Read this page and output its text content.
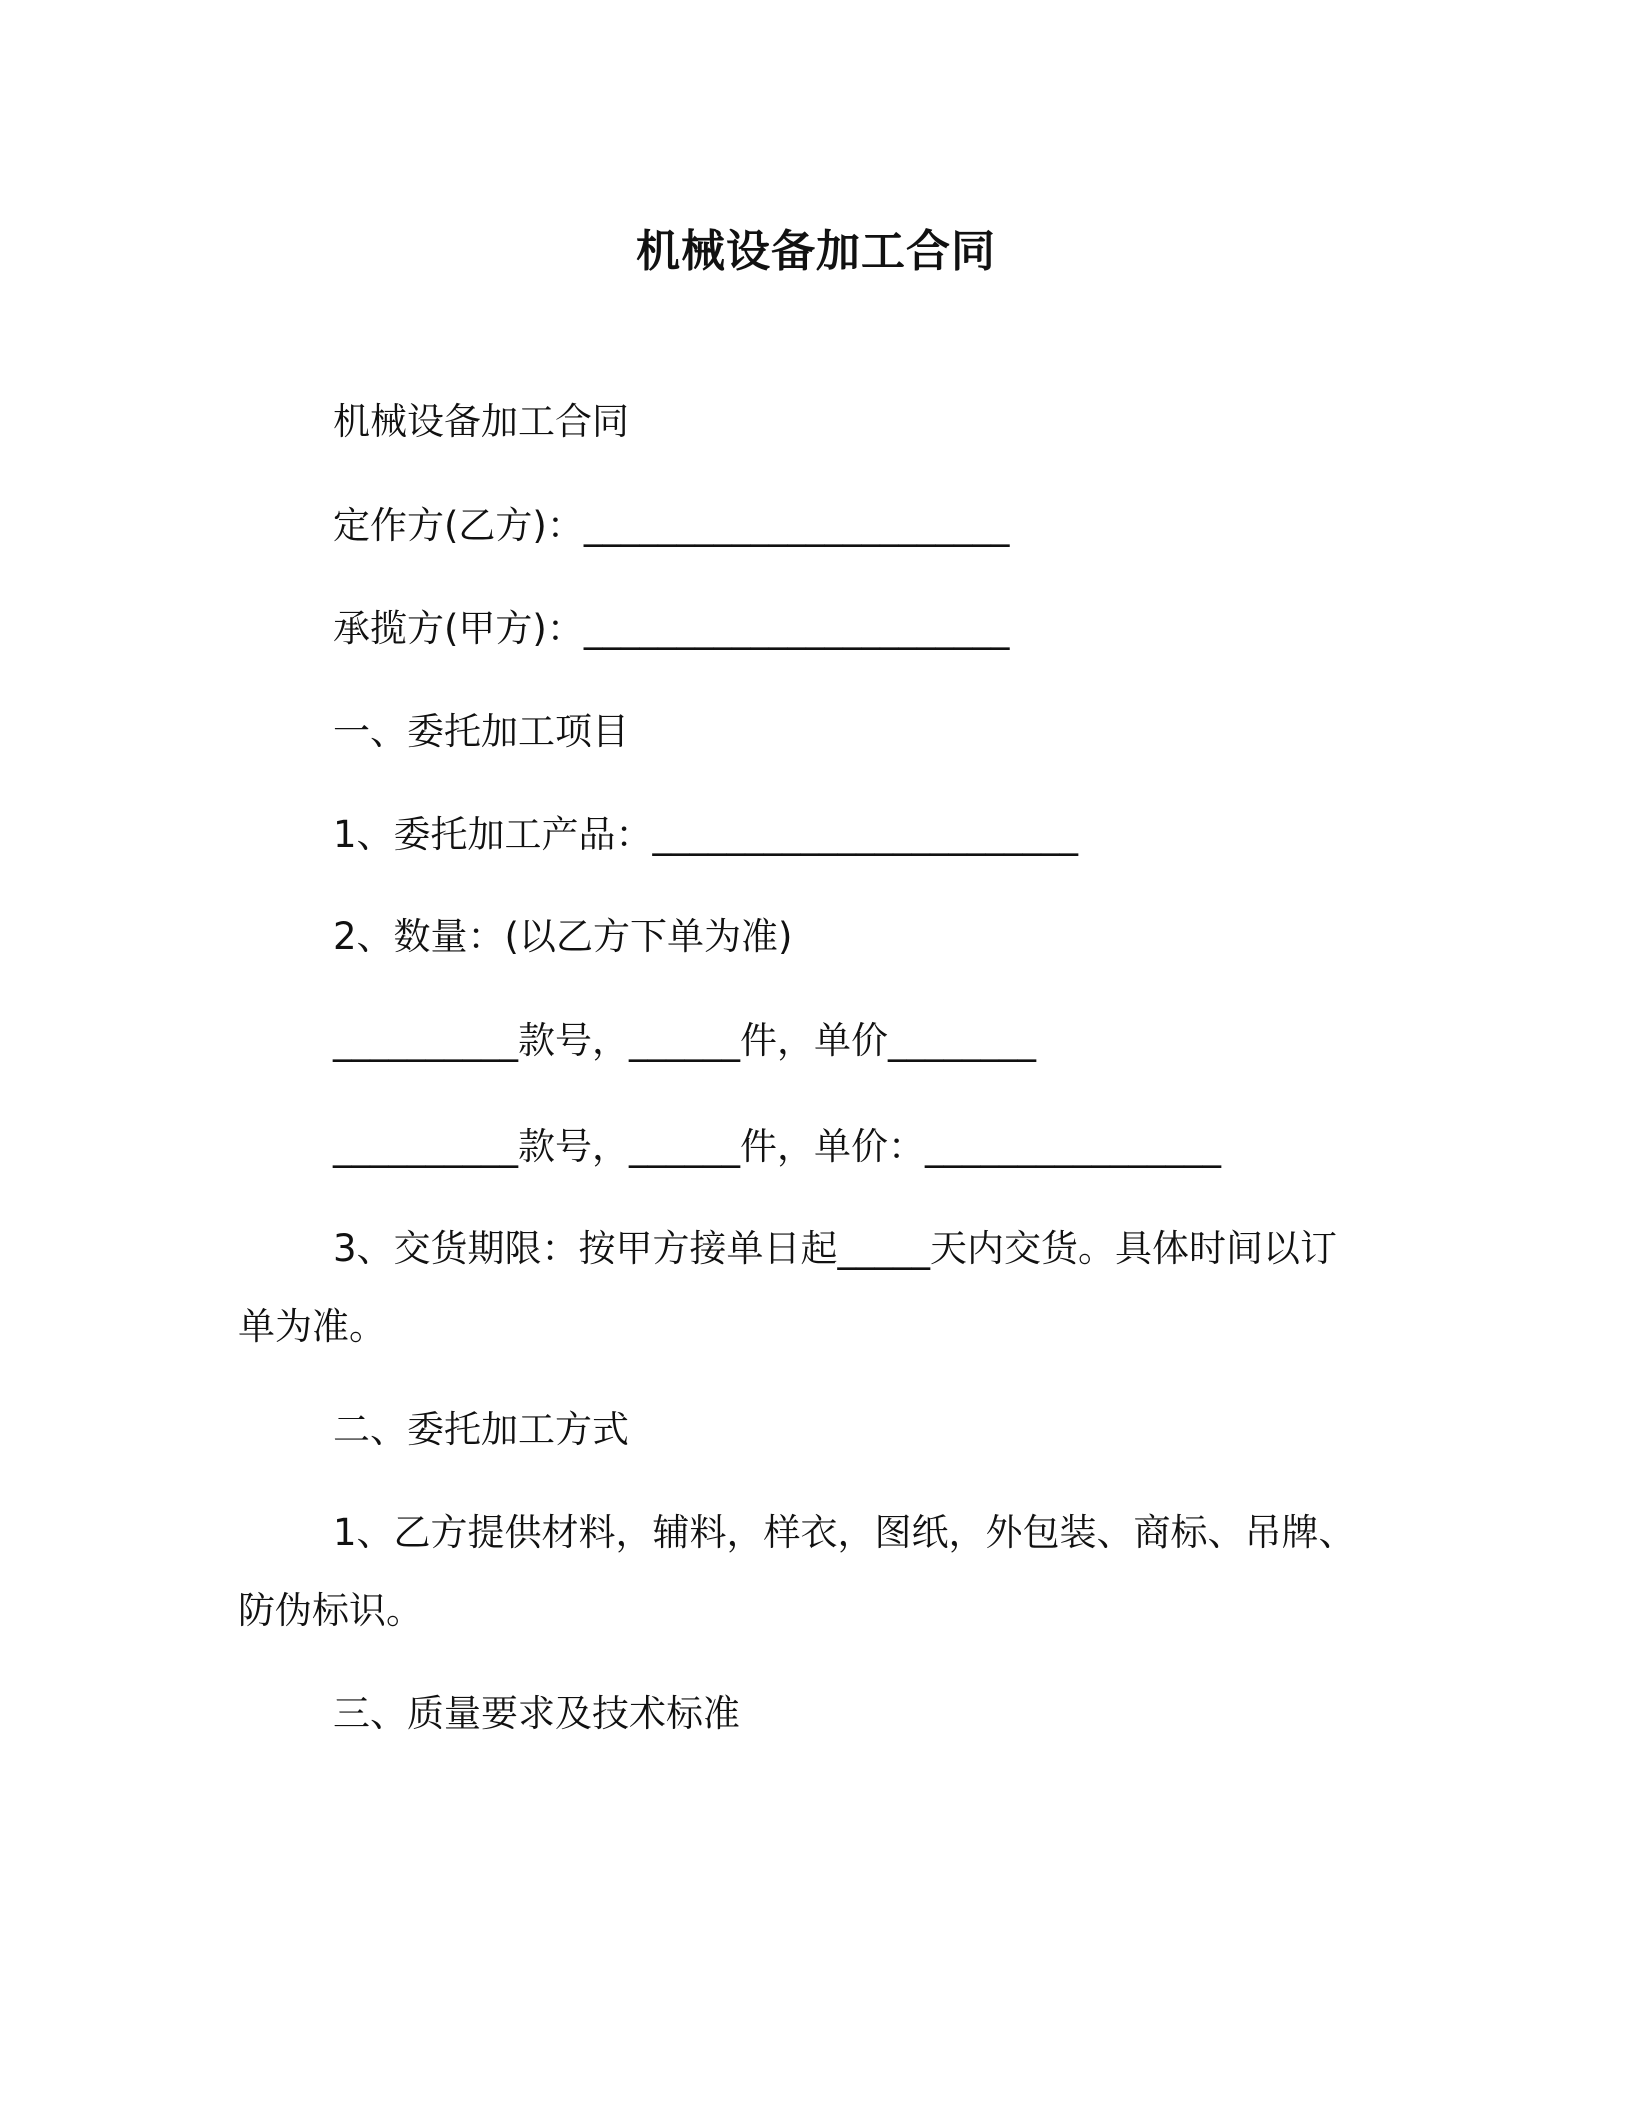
机械设备加工合同
机械设备加工合同
定作方(乙方)：_______________________
承揽方(甲方)：_______________________
一、委托加工项目
1、委托加工产品：_______________________
2、数量：(以乙方下单为准)
__________款号，______件，单价________
__________款号，______件，单价：________________
3、交货期限：按甲方接单日起_____天内交货。具体时间以订单为准。
二、委托加工方式
1、乙方提供材料，辅料，样衣，图纸，外包装、商标、吊牌、防伪标识。
三、质量要求及技术标准
